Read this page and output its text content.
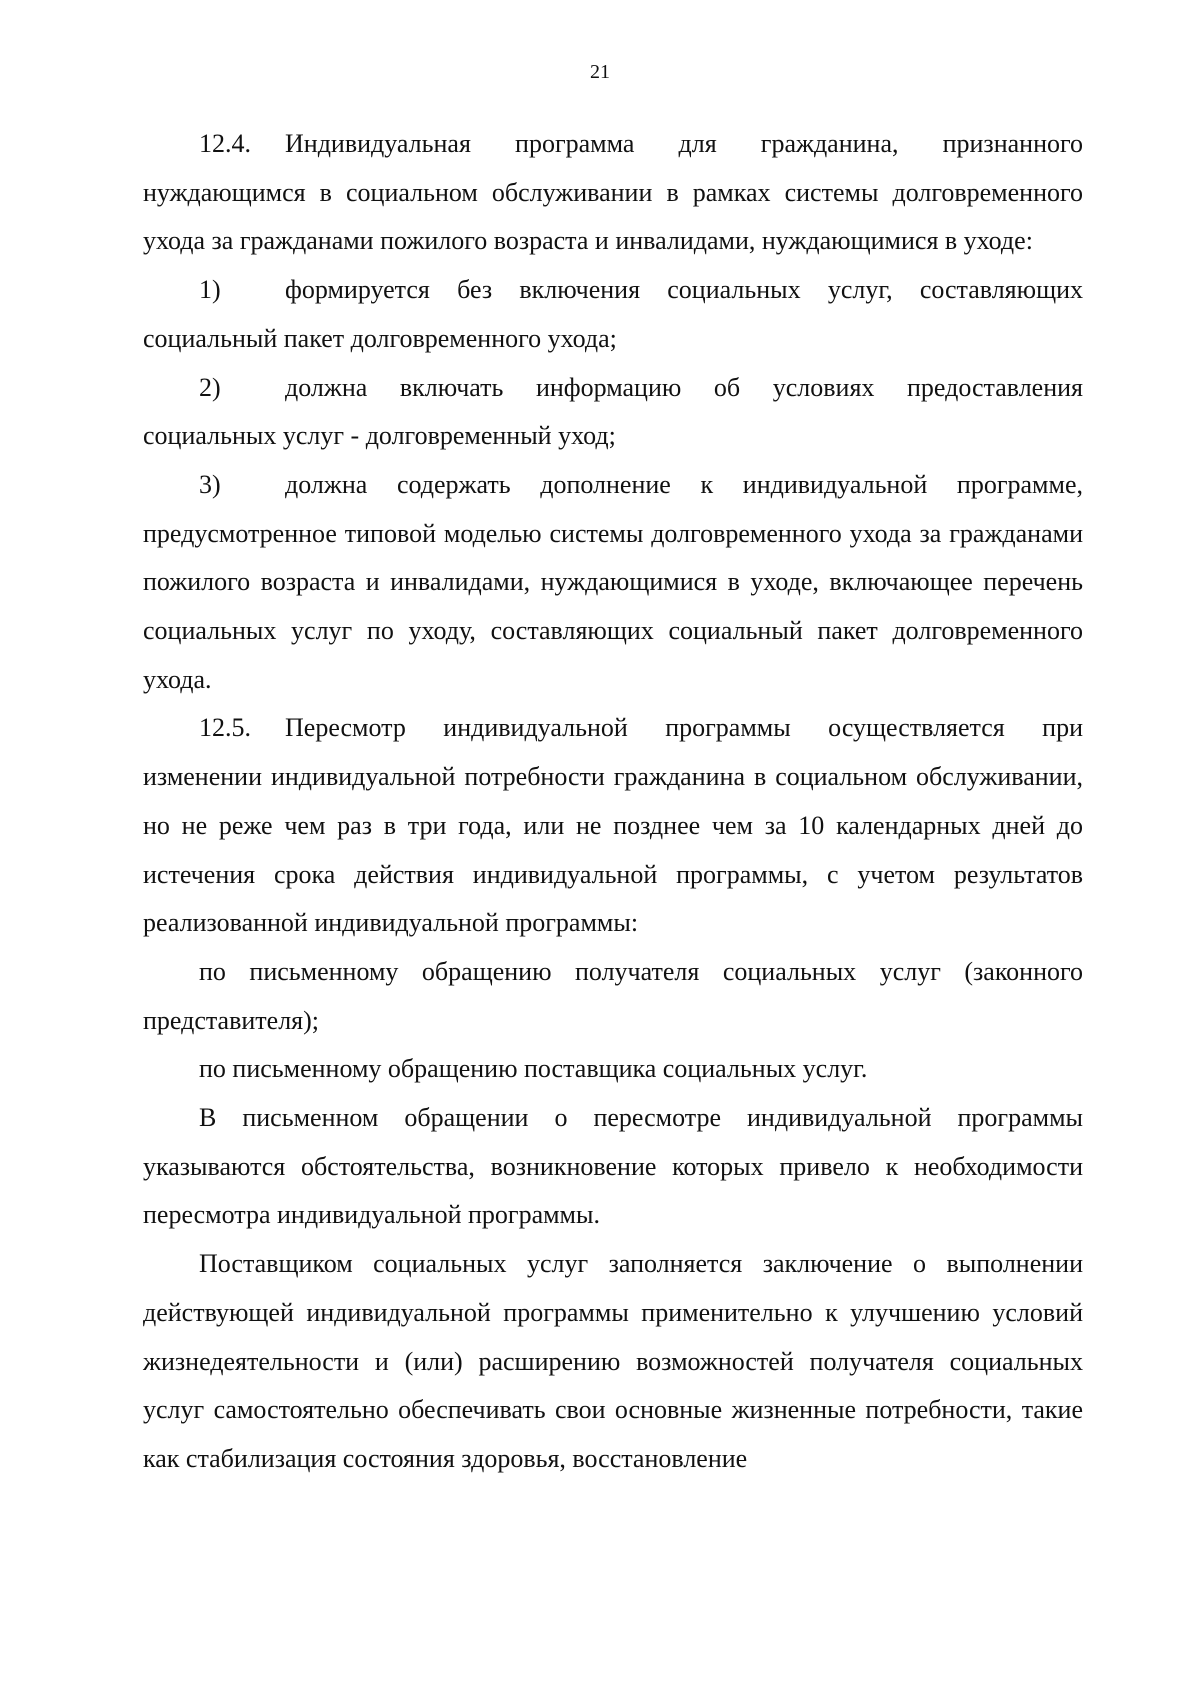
21

12.4. Индивидуальная программа для гражданина, признанного нуждающимся в социальном обслуживании в рамках системы долговременного ухода за гражданами пожилого возраста и инвалидами, нуждающимися в уходе:

1) формируется без включения социальных услуг, составляющих социальный пакет долговременного ухода;

2) должна включать информацию об условиях предоставления социальных услуг - долговременный уход;

3) должна содержать дополнение к индивидуальной программе, предусмотренное типовой моделью системы долговременного ухода за гражданами пожилого возраста и инвалидами, нуждающимися в уходе, включающее перечень социальных услуг по уходу, составляющих социальный пакет долговременного ухода.

12.5. Пересмотр индивидуальной программы осуществляется при изменении индивидуальной потребности гражданина в социальном обслуживании, но не реже чем раз в три года, или не позднее чем за 10 календарных дней до истечения срока действия индивидуальной программы, с учетом результатов реализованной индивидуальной программы:

по письменному обращению получателя социальных услуг (законного представителя);

по письменному обращению поставщика социальных услуг.

В письменном обращении о пересмотре индивидуальной программы указываются обстоятельства, возникновение которых привело к необходимости пересмотра индивидуальной программы.

Поставщиком социальных услуг заполняется заключение о выполнении действующей индивидуальной программы применительно к улучшению условий жизнедеятельности и (или) расширению возможностей получателя социальных услуг самостоятельно обеспечивать свои основные жизненные потребности, такие как стабилизация состояния здоровья, восстановление
